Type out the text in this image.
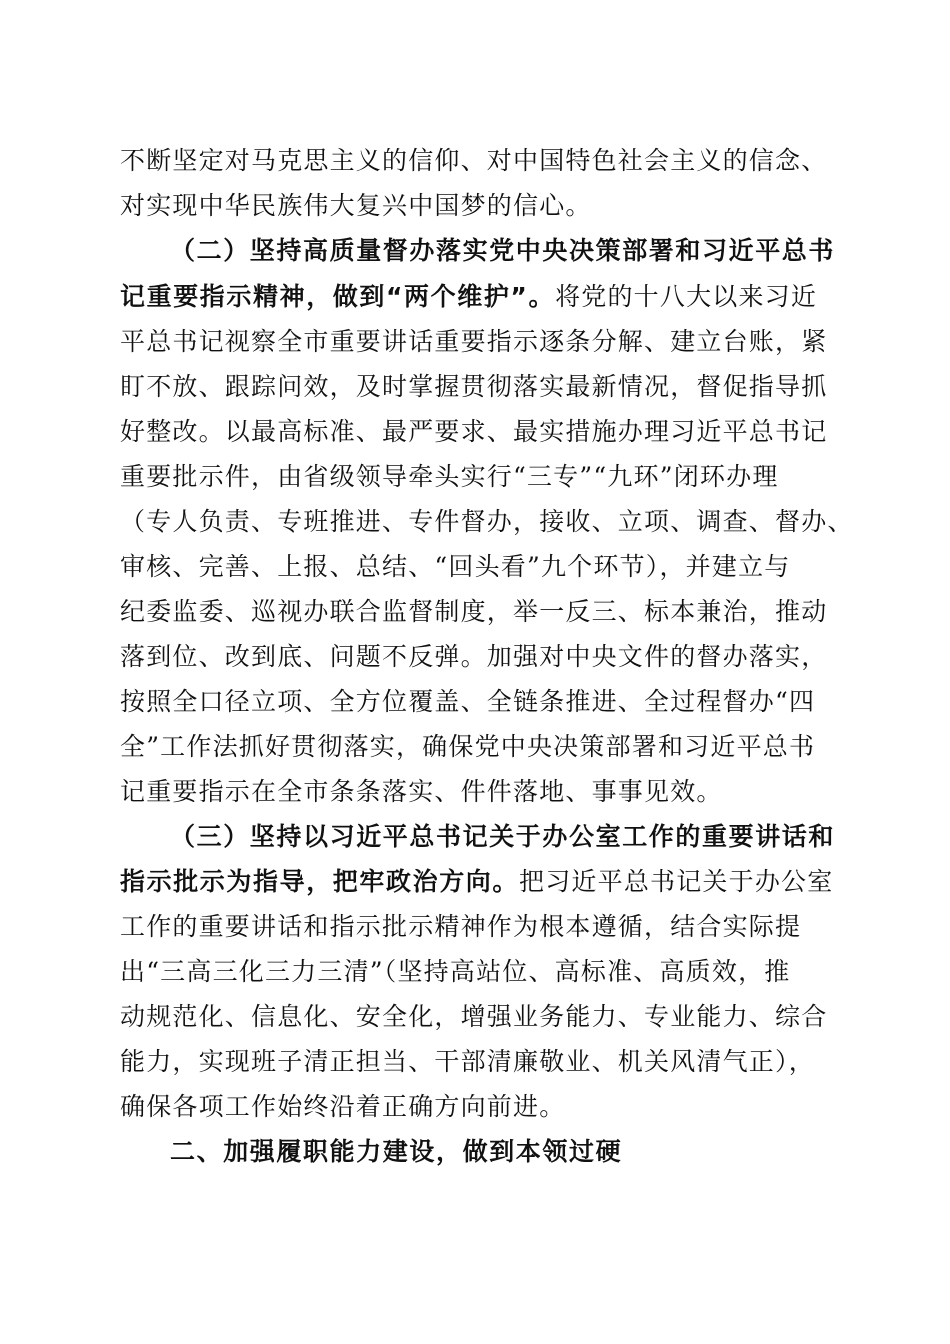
不断坚定对马克思主义的信仰、对中国特色社会主义的信念、
对实现中华民族伟大复兴中国梦的信心。
（二）坚持高质量督办落实党中央决策部署和习近平总书
记重要指示精神，做到“两个维护”。将党的十八大以来习近
平总书记视察全市重要讲话重要指示逐条分解、建立台账，紧
盯不放、跟踪问效，及时掌握贯彻落实最新情况，督促指导抓
好整改。以最高标准、最严要求、最实措施办理习近平总书记
重要批示件，由省级领导牵头实行“三专”“九环”闭环办理
（专人负责、专班推进、专件督办，接收、立项、调查、督办、
审核、完善、上报、总结、“回头看”九个环节），并建立与
纪委监委、巡视办联合监督制度，举一反三、标本兼治，推动
落到位、改到底、问题不反弹。加强对中央文件的督办落实，
按照全口径立项、全方位覆盖、全链条推进、全过程督办“四
全”工作法抓好贯彻落实，确保党中央决策部署和习近平总书
记重要指示在全市条条落实、件件落地、事事见效。
（三）坚持以习近平总书记关于办公室工作的重要讲话和
指示批示为指导，把牢政治方向。把习近平总书记关于办公室
工作的重要讲话和指示批示精神作为根本遵循，结合实际提
出“三高三化三力三清”（坚持高站位、高标准、高质效，推
动规范化、信息化、安全化，增强业务能力、专业能力、综合
能力，实现班子清正担当、干部清廉敬业、机关风清气正），
确保各项工作始终沿着正确方向前进。
二、加强履职能力建设，做到本领过硬
